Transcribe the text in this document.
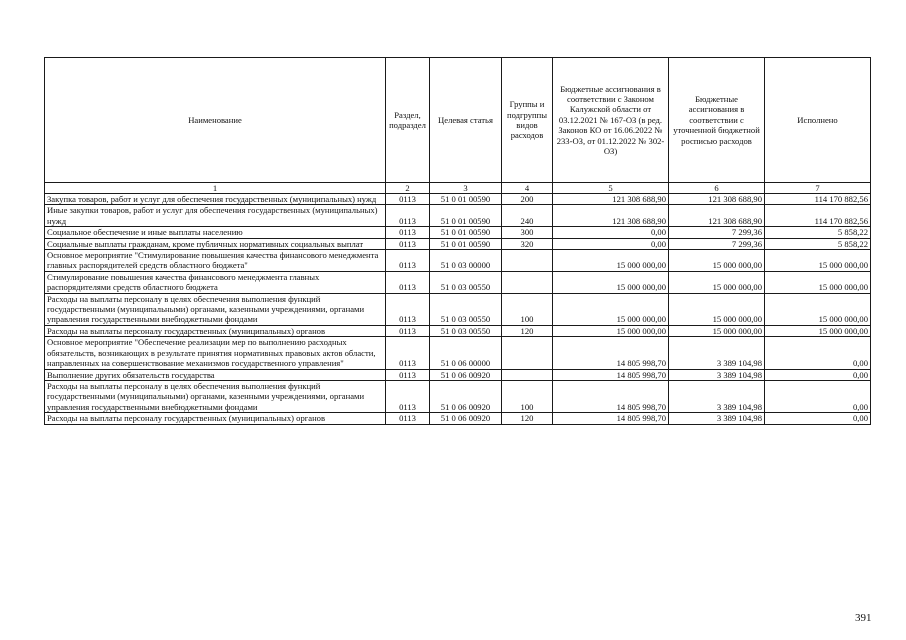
Наименование	Раздел, подраздел	Целевая статья	Группы и подгруппы видов расходов	Бюджетные ассигнования в соответствии с Законом Калужской области от 03.12.2021 № 167-ОЗ (в ред. Законов КО от 16.06.2022 № 233-ОЗ, от 01.12.2022 № 302-ОЗ)	Бюджетные ассигнования в соответствии с уточненной бюджетной росписью расходов	Исполнено
1	2	3	4	5	6	7
Закупка товаров, работ и услуг для обеспечения государственных (муниципальных) нужд	0113	51 0 01 00590	200	121 308 688,90	121 308 688,90	114 170 882,56
Иные закупки товаров, работ и услуг для обеспечения государственных (муниципальных) нужд	0113	51 0 01 00590	240	121 308 688,90	121 308 688,90	114 170 882,56
Социальное обеспечение и иные выплаты населению	0113	51 0 01 00590	300	0,00	7 299,36	5 858,22
Социальные выплаты гражданам, кроме публичных нормативных социальных выплат	0113	51 0 01 00590	320	0,00	7 299,36	5 858,22
Основное мероприятие "Стимулирование повышения качества финансового менеджмента главных распорядителей средств областного бюджета"	0113	51 0 03 00000		15 000 000,00	15 000 000,00	15 000 000,00
Стимулирование повышения качества финансового менеджмента главных распорядителями средств областного бюджета	0113	51 0 03 00550		15 000 000,00	15 000 000,00	15 000 000,00
Расходы на выплаты персоналу в целях обеспечения выполнения функций государственными (муниципальными) органами, казенными учреждениями, органами управления государственными внебюджетными фондами	0113	51 0 03 00550	100	15 000 000,00	15 000 000,00	15 000 000,00
Расходы на выплаты персоналу государственных (муниципальных) органов	0113	51 0 03 00550	120	15 000 000,00	15 000 000,00	15 000 000,00
Основное мероприятие "Обеспечение реализации мер по выполнению расходных обязательств, возникающих в результате принятия нормативных правовых актов области, направленных на совершенствование механизмов государственного управления"	0113	51 0 06 00000		14 805 998,70	3 389 104,98	0,00
Выполнение других обязательств государства	0113	51 0 06 00920		14 805 998,70	3 389 104,98	0,00
Расходы на выплаты персоналу в целях обеспечения выполнения функций государственными (муниципальными) органами, казенными учреждениями, органами управления государственными внебюджетными фондами	0113	51 0 06 00920	100	14 805 998,70	3 389 104,98	0,00
Расходы на выплаты персоналу государственных (муниципальных) органов	0113	51 0 06 00920	120	14 805 998,70	3 389 104,98	0,00
391
